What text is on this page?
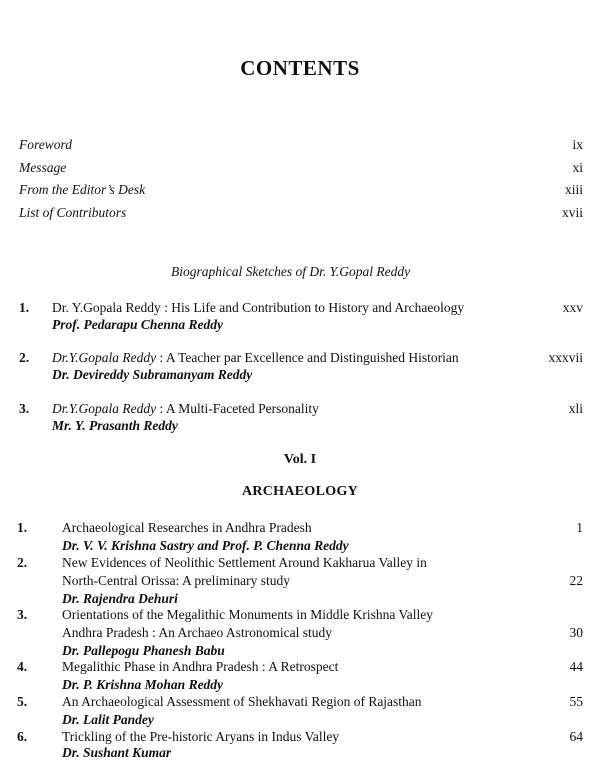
CONTENTS
Foreword	ix
Message	xi
From the Editor’s Desk	xiii
List of Contributors	xvii
Biographical Sketches of Dr. Y.Gopal Reddy
1. Dr. Y.Gopala Reddy : His Life and Contribution to History and Archaeology	xxv
Prof. Pedarapu Chenna Reddy
2. Dr.Y.Gopala Reddy : A Teacher par Excellence and Distinguished Historian	xxxvii
Dr. Devireddy Subramanyam Reddy
3. Dr.Y.Gopala Reddy : A Multi-Faceted Personality	xli
Mr. Y. Prasanth Reddy
Vol. I
ARCHAEOLOGY
1.	Archaeological Researches in Andhra Pradesh	1
Dr. V. V. Krishna Sastry and Prof. P. Chenna Reddy
2.	New Evidences of Neolithic Settlement Around Kakharua Valley in
North-Central Orissa: A preliminary study	22
Dr. Rajendra Dehuri
3.	Orientations of the Megalithic Monuments in Middle Krishna Valley
Andhra Pradesh : An Archaeo Astronomical study	30
Dr. Pallepogu Phanesh Babu
4.	Megalithic Phase in Andhra Pradesh : A Retrospect	44
Dr. P. Krishna Mohan Reddy
5.	An Archaeological Assessment of Shekhavati Region of Rajasthan	55
Dr. Lalit Pandey
6.	Trickling of the Pre-historic Aryans in Indus Valley	64
Dr. Sushant Kumar
